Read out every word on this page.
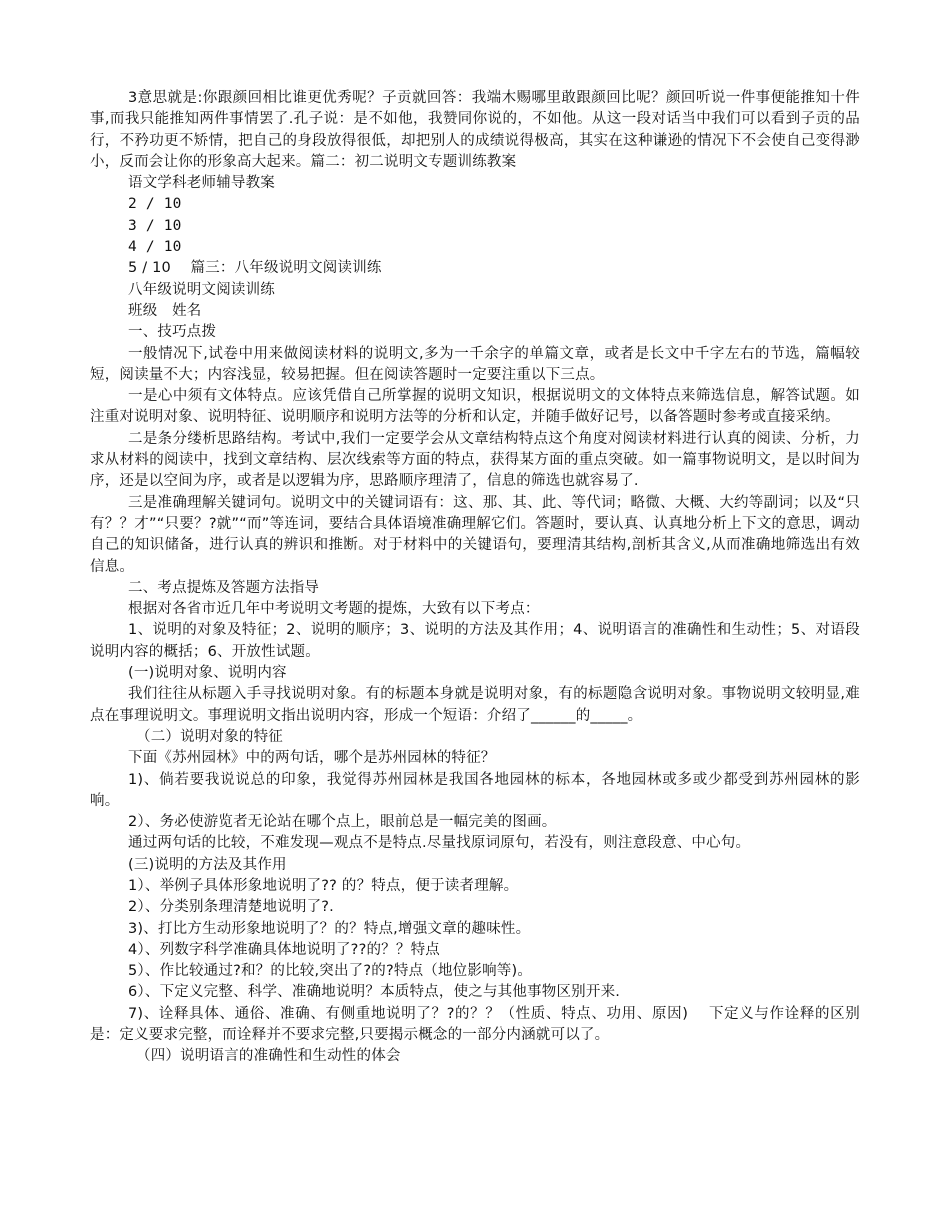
3意思就是:你跟颜回相比谁更优秀呢？子贡就回答：我端木赐哪里敢跟颜回比呢？颜回听说一件事便能推知十件事,而我只能推知两件事情罢了.孔子说：是不如他，我赞同你说的，不如他。从这一段对话当中我们可以看到子贡的品行，不矜功更不矫情，把自己的身段放得很低，却把别人的成绩说得极高，其实在这种谦逊的情况下不会使自己变得渺小，反而会让你的形象高大起来。篇二：初二说明文专题训练教案

语文学科老师辅导教案

2 / 10

3 / 10

4 / 10

5 / 10　 篇三：八年级说明文阅读训练

八年级说明文阅读训练

班级　姓名

一、技巧点拨

一般情况下,试卷中用来做阅读材料的说明文,多为一千余字的单篇文章，或者是长文中千字左右的节选，篇幅较短，阅读量不大；内容浅显，较易把握。但在阅读答题时一定要注重以下三点。

一是心中须有文体特点。应该凭借自己所掌握的说明文知识，根据说明文的文体特点来筛选信息，解答试题。如注重对说明对象、说明特征、说明顺序和说明方法等的分析和认定，并随手做好记号，以备答题时参考或直接采纳。

二是条分缕析思路结构。考试中,我们一定要学会从文章结构特点这个角度对阅读材料进行认真的阅读、分析，力求从材料的阅读中，找到文章结构、层次线索等方面的特点，获得某方面的重点突破。如一篇事物说明文，是以时间为序，还是以空间为序，或者是以逻辑为序，思路顺序理清了，信息的筛选也就容易了.

三是准确理解关键词句。说明文中的关键词语有：这、那、其、此、等代词；略微、大概、大约等副词；以及“只有？？才”“只要？?就”“而”等连词，要结合具体语境准确理解它们。答题时，要认真、认真地分析上下文的意思，调动自己的知识储备，进行认真的辨识和推断。对于材料中的关键语句，要理清其结构,剖析其含义,从而准确地筛选出有效信息。

二、考点提炼及答题方法指导

根据对各省市近几年中考说明文考题的提炼，大致有以下考点：

1、说明的对象及特征；2、说明的顺序；3、说明的方法及其作用；4、说明语言的准确性和生动性；5、对语段说明内容的概括；6、开放性试题。

(一)说明对象、说明内容

我们往往从标题入手寻找说明对象。有的标题本身就是说明对象，有的标题隐含说明对象。事物说明文较明显,难点在事理说明文。事理说明文指出说明内容，形成一个短语：介绍了______的_____。

（二）说明对象的特征

下面《苏州园林》中的两句话，哪个是苏州园林的特征？

1)、倘若要我说说总的印象，我觉得苏州园林是我国各地园林的标本，各地园林或多或少都受到苏州园林的影响。

2）、务必使游览者无论站在哪个点上，眼前总是一幅完美的图画。

通过两句话的比较，不难发现—观点不是特点.尽量找原词原句，若没有，则注意段意、中心句。

(三)说明的方法及其作用

1）、举例子具体形象地说明了?? 的？特点，便于读者理解。

2）、分类别条理清楚地说明了?.

3)、打比方生动形象地说明了？的？特点,增强文章的趣味性。

4）、列数字科学准确具体地说明了??的？？特点

5）、作比较通过?和？的比较,突出了?的?特点（地位影响等)。

6）、下定义完整、科学、准确地说明？本质特点，使之与其他事物区别开来.

7)、诠释具体、通俗、准确、有侧重地说明了？?的？？（性质、特点、功用、原因)　 下定义与作诠释的区别是：定义要求完整，而诠释并不要求完整,只要揭示概念的一部分内涵就可以了。

（四）说明语言的准确性和生动性的体会
